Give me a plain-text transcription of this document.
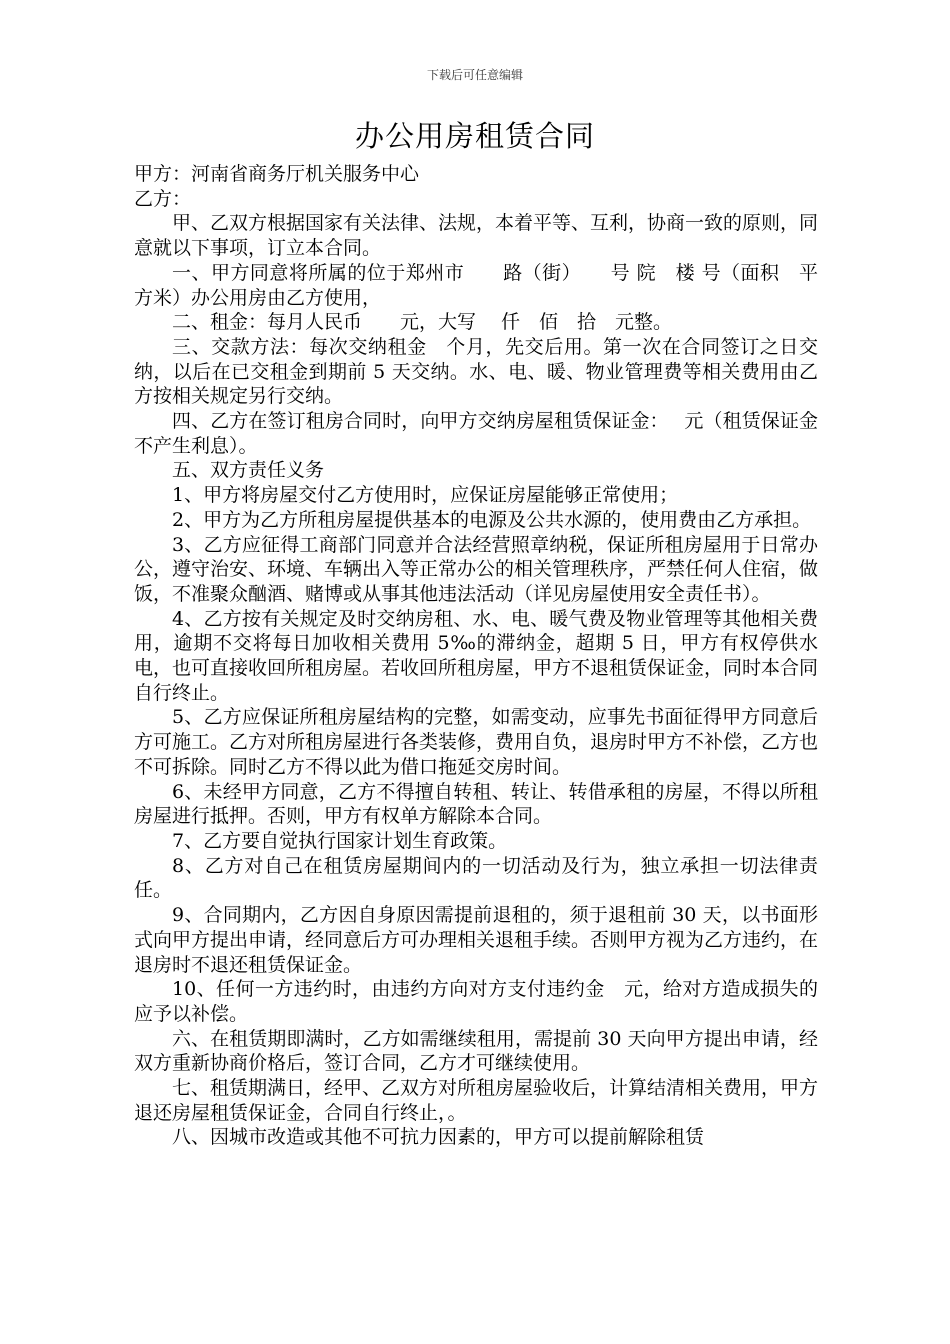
下载后可任意编辑
办公用房租赁合同

甲方：河南省商务厅机关服务中心

乙方：

甲、乙双方根据国家有关法律、法规，本着平等、互利，协商一致的原则，同意就以下事项，订立本合同。

一、甲方同意将所属的位于郑州市　　路（街）　　号 院　楼 号（面积　平方米）办公用房由乙方使用，

二、租金：每月人民币　　元，大写　 仟　佰　拾　元整。

三、交款方法：每次交纳租金　个月，先交后用。第一次在合同签订之日交纳，以后在已交租金到期前 5 天交纳。水、电、暖、物业管理费等相关费用由乙方按相关规定另行交纳。

四、乙方在签订租房合同时，向甲方交纳房屋租赁保证金：　 元（租赁保证金不产生利息）。

五、双方责任义务

1、甲方将房屋交付乙方使用时，应保证房屋能够正常使用；

2、甲方为乙方所租房屋提供基本的电源及公共水源的，使用费由乙方承担。

3、乙方应征得工商部门同意并合法经营照章纳税，保证所租房屋用于日常办公，遵守治安、环境、车辆出入等正常办公的相关管理秩序，严禁任何人住宿，做饭，不准聚众酗酒、赌博或从事其他违法活动（详见房屋使用安全责任书）。

4、乙方按有关规定及时交纳房租、水、电、暖气费及物业管理等其他相关费用，逾期不交将每日加收相关费用 5‰的滞纳金，超期 5 日，甲方有权停供水电，也可直接收回所租房屋。若收回所租房屋，甲方不退租赁保证金，同时本合同自行终止。

5、乙方应保证所租房屋结构的完整，如需变动，应事先书面征得甲方同意后方可施工。乙方对所租房屋进行各类装修，费用自负，退房时甲方不补偿，乙方也不可拆除。同时乙方不得以此为借口拖延交房时间。

6、未经甲方同意，乙方不得擅自转租、转让、转借承租的房屋，不得以所租房屋进行抵押。否则，甲方有权单方解除本合同。

7、乙方要自觉执行国家计划生育政策。

8、乙方对自己在租赁房屋期间内的一切活动及行为，独立承担一切法律责任。

9、合同期内，乙方因自身原因需提前退租的，须于退租前 30 天，以书面形式向甲方提出申请，经同意后方可办理相关退租手续。否则甲方视为乙方违约，在退房时不退还租赁保证金。

10、任何一方违约时，由违约方向对方支付违约金　元，给对方造成损失的应予以补偿。

六、在租赁期即满时，乙方如需继续租用，需提前 30 天向甲方提出申请，经双方重新协商价格后，签订合同，乙方才可继续使用。

七、租赁期满日，经甲、乙双方对所租房屋验收后，计算结清相关费用，甲方退还房屋租赁保证金，合同自行终止，。

八、因城市改造或其他不可抗力因素的，甲方可以提前解除租赁
